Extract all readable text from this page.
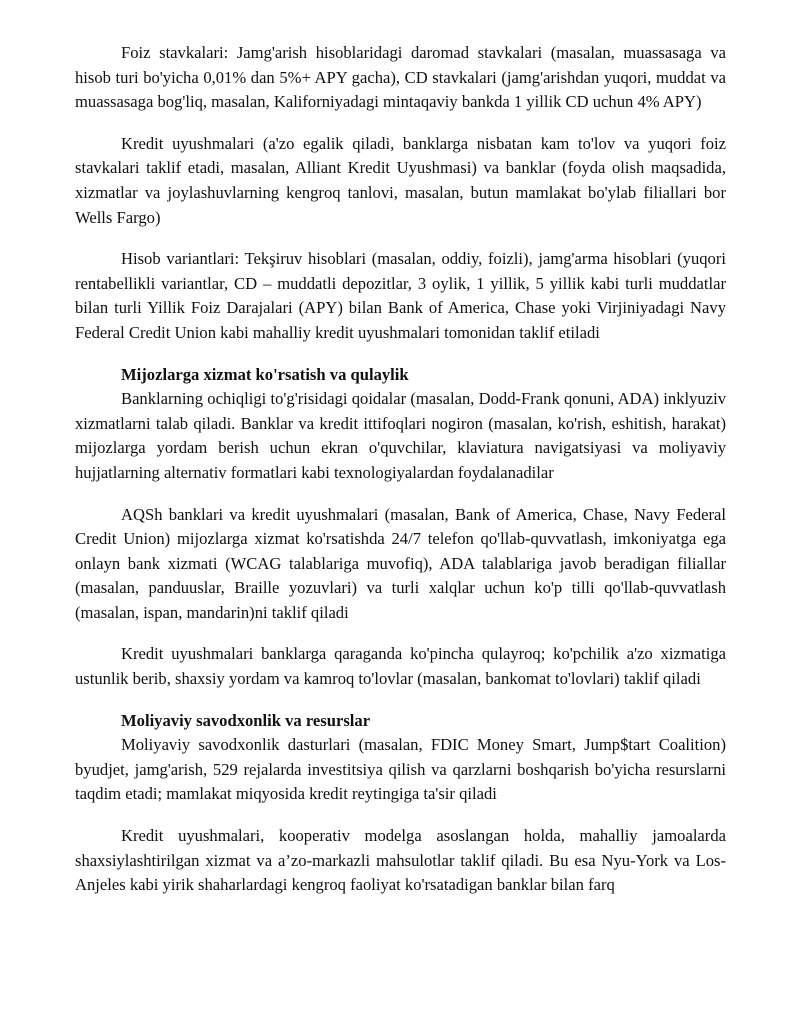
Foiz stavkalari: Jamg'arish hisoblaridagi daromad stavkalari (masalan, muassasaga va hisob turi bo'yicha 0,01% dan 5%+ APY gacha), CD stavkalari (jamg'arishdan yuqori, muddat va muassasaga bog'liq, masalan, Kaliforniyadagi mintaqaviy bankda 1 yillik CD uchun 4% APY)

Kredit uyushmalari (a'zo egalik qiladi, banklarga nisbatan kam to'lov va yuqori foiz stavkalari taklif etadi, masalan, Alliant Kredit Uyushmasi) va banklar (foyda olish maqsadida, xizmatlar va joylashuvlarning kengroq tanlovi, masalan, butun mamlakat bo'ylab filiallari bor Wells Fargo)

Hisob variantlari: Tekşiruv hisoblari (masalan, oddiy, foizli), jamg'arma hisoblari (yuqori rentabellikli variantlar, CD – muddatli depozitlar, 3 oylik, 1 yillik, 5 yillik kabi turli muddatlar bilan turli Yillik Foiz Darajalari (APY) bilan Bank of America, Chase yoki Virjiniyadagi Navy Federal Credit Union kabi mahalliy kredit uyushmalari tomonidan taklif etiladi

Mijozlarga xizmat ko'rsatish va qulaylik

Banklarning ochiqligi to'g'risidagi qoidalar (masalan, Dodd-Frank qonuni, ADA) inklyuziv xizmatlarni talab qiladi. Banklar va kredit ittifoqlari nogiron (masalan, ko'rish, eshitish, harakat) mijozlarga yordam berish uchun ekran o'quvchilar, klaviatura navigatsiyasi va moliyaviy hujjatlarning alternativ formatlari kabi texnologiyalardan foydalanadilar

AQSh banklari va kredit uyushmalari (masalan, Bank of America, Chase, Navy Federal Credit Union) mijozlarga xizmat ko'rsatishda 24/7 telefon qo'llab-quvvatlash, imkoniyatga ega onlayn bank xizmati (WCAG talablariga muvofiq), ADA talablariga javob beradigan filiallar (masalan, panduuslar, Braille yozuvlari) va turli xalqlar uchun ko'p tilli qo'llab-quvvatlash (masalan, ispan, mandarin)ni taklif qiladi

Kredit uyushmalari banklarga qaraganda ko'pincha qulayroq; ko'pchilik a'zo xizmatiga ustunlik berib, shaxsiy yordam va kamroq to'lovlar (masalan, bankomat to'lovlari) taklif qiladi

Moliyaviy savodxonlik va resurslar

Moliyaviy savodxonlik dasturlari (masalan, FDIC Money Smart, Jump$tart Coalition) byudjet, jamg'arish, 529 rejalarda investitsiya qilish va qarzlarni boshqarish bo'yicha resurslarni taqdim etadi; mamlakat miqyosida kredit reytingiga ta'sir qiladi

Kredit uyushmalari, kooperativ modelga asoslangan holda, mahalliy jamoalarda shaxsiylashtirilgan xizmat va a’zo-markazli mahsulotlar taklif qiladi. Bu esa Nyu-York va Los-Anjeles kabi yirik shaharlardagi kengroq faoliyat ko'rsatadigan banklar bilan farq
